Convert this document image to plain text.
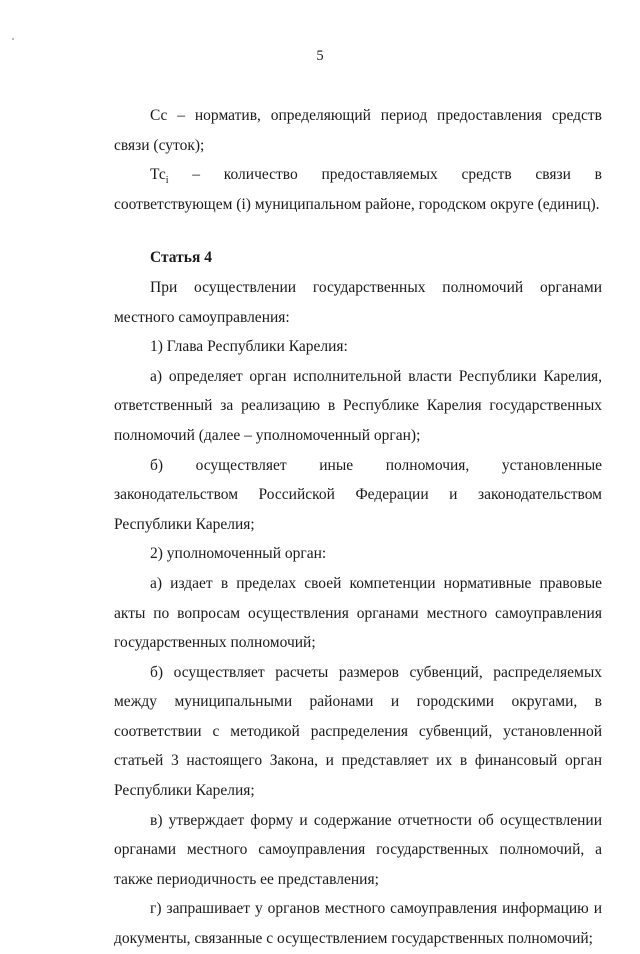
5

Сс – норматив, определяющий период предоставления средств связи (суток);

$Тс_i$ – количество предоставляемых средств связи в соответствующем (i) муниципальном районе, городском округе (единиц).

Статья 4

При осуществлении государственных полномочий органами местного самоуправления:

1) Глава Республики Карелия:

а) определяет орган исполнительной власти Республики Карелия, ответственный за реализацию в Республике Карелия государственных полномочий (далее – уполномоченный орган);

б) осуществляет иные полномочия, установленные законодательством Российской Федерации и законодательством Республики Карелия;

2) уполномоченный орган:

а) издает в пределах своей компетенции нормативные правовые акты по вопросам осуществления органами местного самоуправления государственных полномочий;

б) осуществляет расчеты размеров субвенций, распределяемых между муниципальными районами и городскими округами, в соответствии с методикой распределения субвенций, установленной статьей 3 настоящего Закона, и представляет их в финансовый орган Республики Карелия;

в) утверждает форму и содержание отчетности об осуществлении органами местного самоуправления государственных полномочий, а также периодичность ее представления;

г) запрашивает у органов местного самоуправления информацию и документы, связанные с осуществлением государственных полномочий;
